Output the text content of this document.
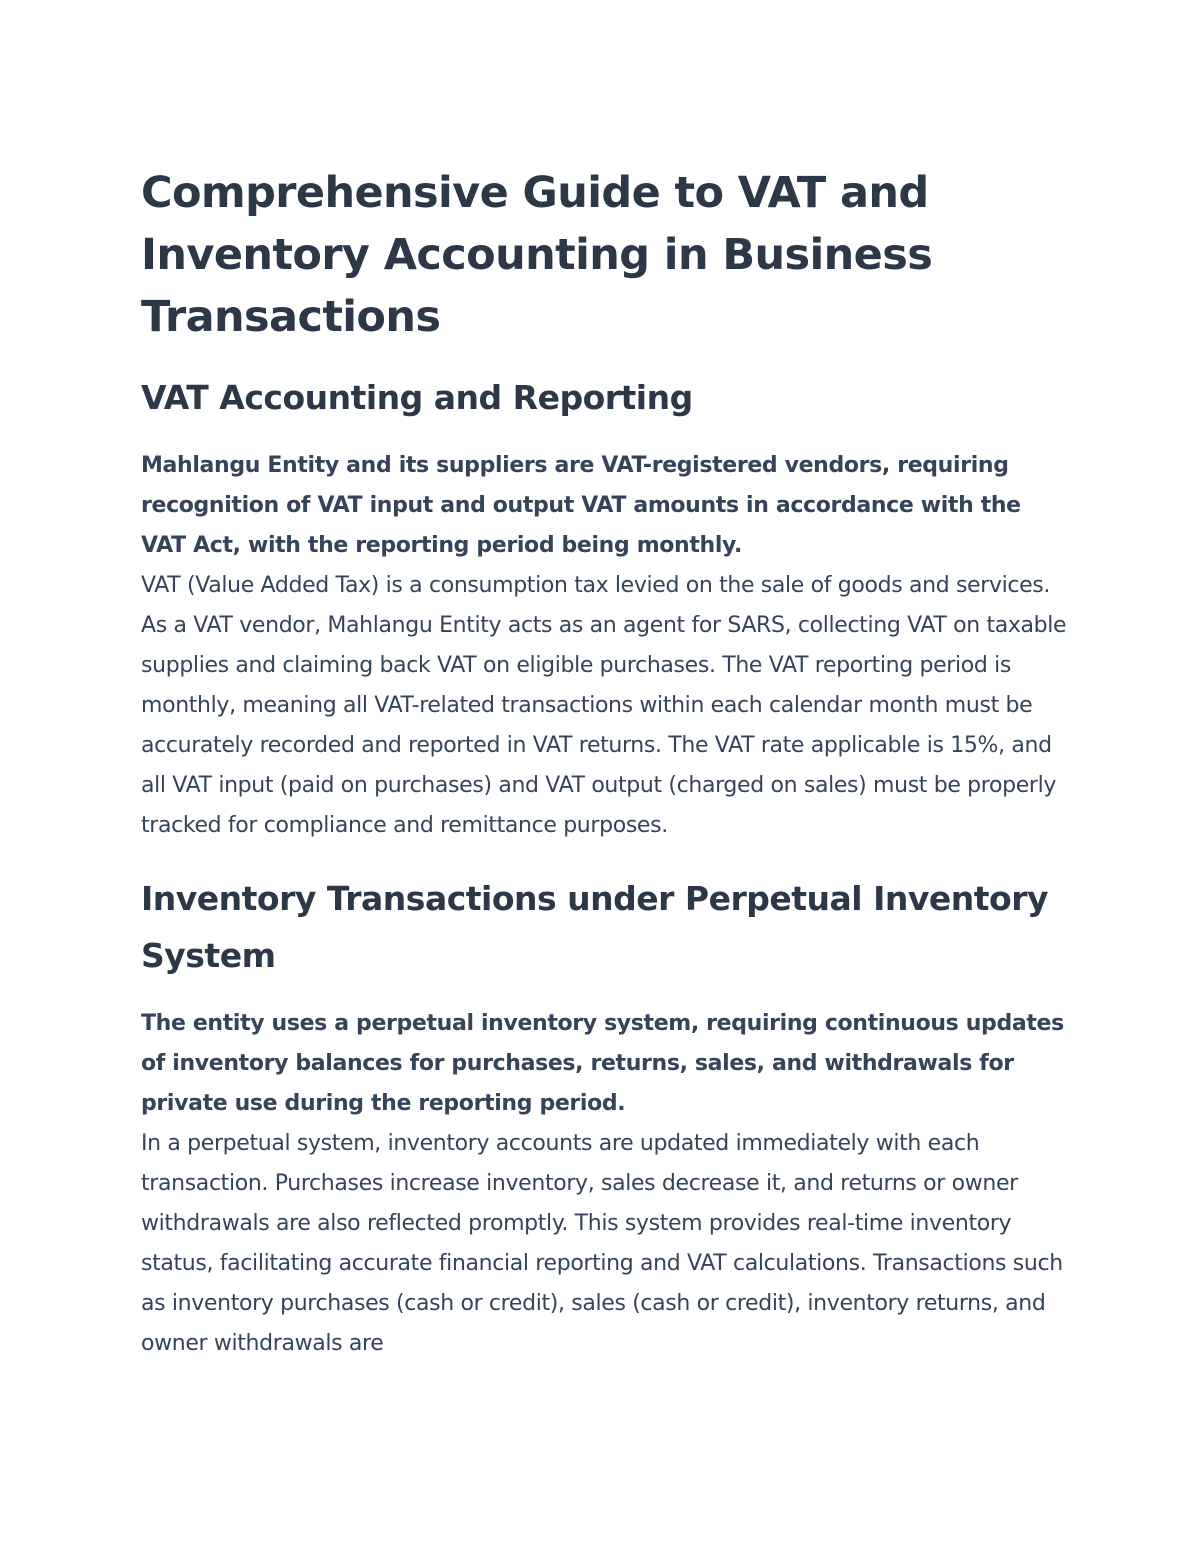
Comprehensive Guide to VAT and Inventory Accounting in Business Transactions
VAT Accounting and Reporting

Mahlangu Entity and its suppliers are VAT-registered vendors, requiring recognition of VAT input and output VAT amounts in accordance with the VAT Act, with the reporting period being monthly.

VAT (Value Added Tax) is a consumption tax levied on the sale of goods and services. As a VAT vendor, Mahlangu Entity acts as an agent for SARS, collecting VAT on taxable supplies and claiming back VAT on eligible purchases. The VAT reporting period is monthly, meaning all VAT-related transactions within each calendar month must be accurately recorded and reported in VAT returns. The VAT rate applicable is 15%, and all VAT input (paid on purchases) and VAT output (charged on sales) must be properly tracked for compliance and remittance purposes.

Inventory Transactions under Perpetual Inventory System

The entity uses a perpetual inventory system, requiring continuous updates of inventory balances for purchases, returns, sales, and withdrawals for private use during the reporting period.

In a perpetual system, inventory accounts are updated immediately with each transaction. Purchases increase inventory, sales decrease it, and returns or owner withdrawals are also reflected promptly. This system provides real-time inventory status, facilitating accurate financial reporting and VAT calculations. Transactions such as inventory purchases (cash or credit), sales (cash or credit), inventory returns, and owner withdrawals are
